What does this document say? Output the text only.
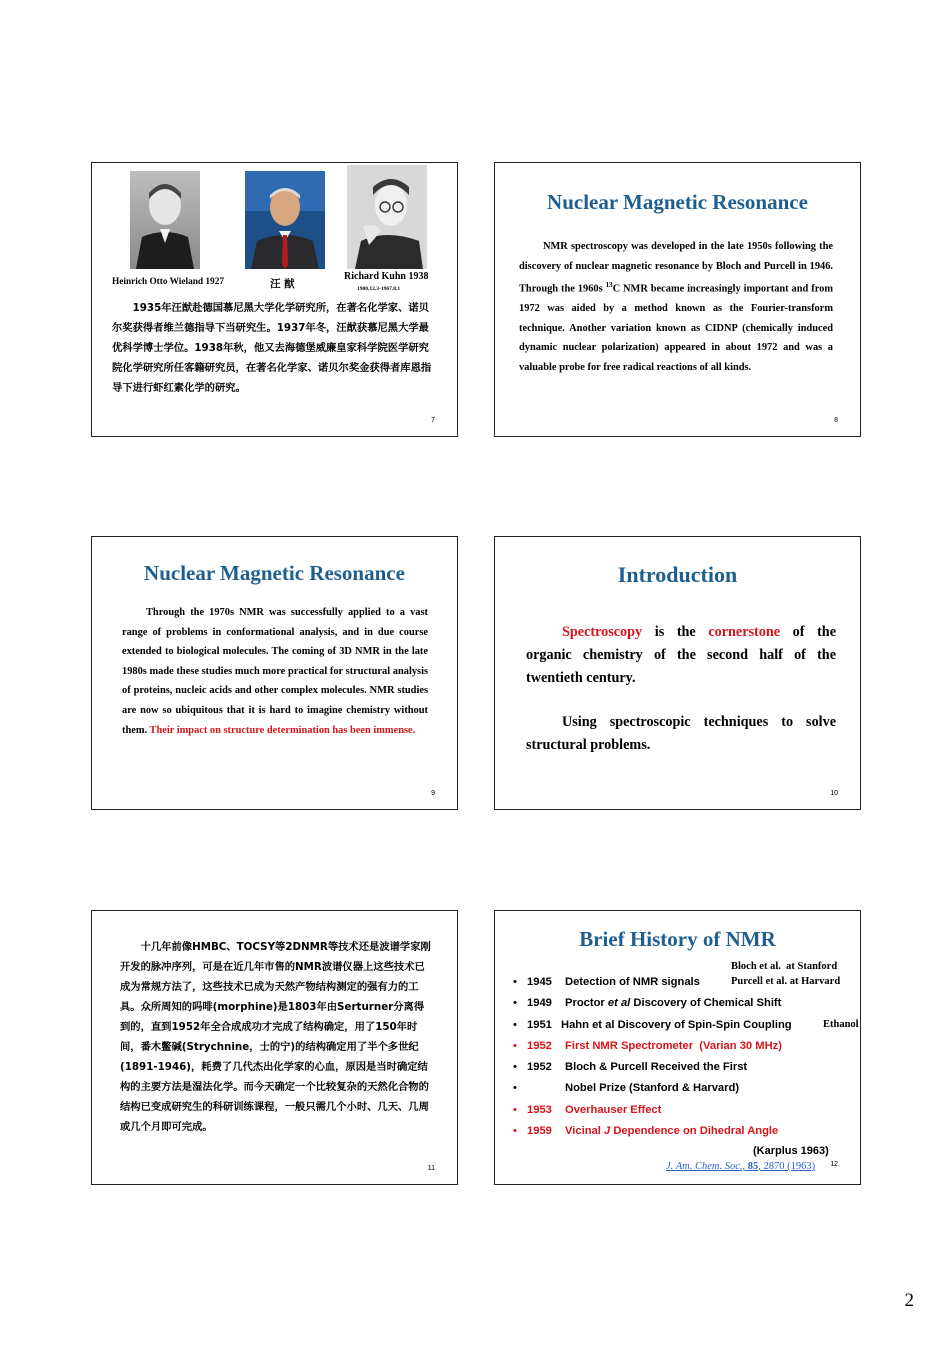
Heinrich Otto Wieland 1927	汪 猷
Richard Kuhn 1938
1900.12.3-1967.8.1
1935年汪猷赴德国慕尼黑大学化学研究所，在著名化学家、诺贝尔奖获得者维兰德指导下当研究生。1937年冬，汪猷获慕尼黑大学最优科学博士学位。1938年秋，他又去海德堡威廉皇家科学院医学研究院化学研究所任客籍研究员，在著名化学家、诺贝尔奖金获得者库恩指导下进行虾红素化学的研究。
7
Nuclear Magnetic Resonance
NMR spectroscopy was developed in the late 1950s following the discovery of nuclear magnetic resonance by Bloch and Purcell in 1946. Through the 1960s $^{13}$C NMR became increasingly important and from 1972 was aided by a method known as the Fourier-transform technique. Another variation known as CIDNP (chemically induced dynamic nuclear polarization) appeared in about 1972 and was a valuable probe for free radical reactions of all kinds.
8
Nuclear Magnetic Resonance
Through the 1970s NMR was successfully applied to a vast range of problems in conformational analysis, and in due course extended to biological molecules. The coming of 3D NMR in the late 1980s made these studies much more practical for structural analysis of proteins, nucleic acids and other complex molecules. NMR studies are now so ubiquitous that it is hard to imagine chemistry without them. Their impact on structure determination has been immense.
9
Introduction
Spectroscopy is the cornerstone of the organic chemistry of the second half of the twentieth century.
Using spectroscopic techniques to solve structural problems.
10
十几年前像HMBC、TOCSY等2DNMR等技术还是波谱学家刚开发的脉冲序列，可是在近几年市售的NMR波谱仪器上这些技术已成为常规方法了，这些技术已成为天然产物结构测定的强有力的工具。众所周知的吗啡(morphine)是1803年由Serturner分离得到的，直到1952年全合成成功才完成了结构确定，用了150年时间，番木鳖碱(Strychnine，士的宁)的结构确定用了半个多世纪(1891-1946)，耗费了几代杰出化学家的心血，原因是当时确定结构的主要方法是湿法化学。而今天确定一个比较复杂的天然化合物的结构已变成研究生的科研训练课程，一般只需几个小时、几天、几周或几个月即可完成。
11
Brief History of NMR
Bloch et al.  at Stanford
Purcell et al. at Harvard
Ethanol
• 1945 Detection of NMR signals
• 1949 Proctor et al Discovery of Chemical Shift
• 1951 Hahn et al Discovery of Spin-Spin Coupling
• 1952 First NMR Spectrometer  (Varian 30 MHz)
• 1952 Bloch & Purcell Received the First
• Nobel Prize (Stanford & Harvard)
• 1953 Overhauser Effect
• 1959 Vicinal J Dependence on Dihedral Angle
(Karplus 1963)
J. Am. Chem. Soc., 85, 2870 (1963) 12
2
